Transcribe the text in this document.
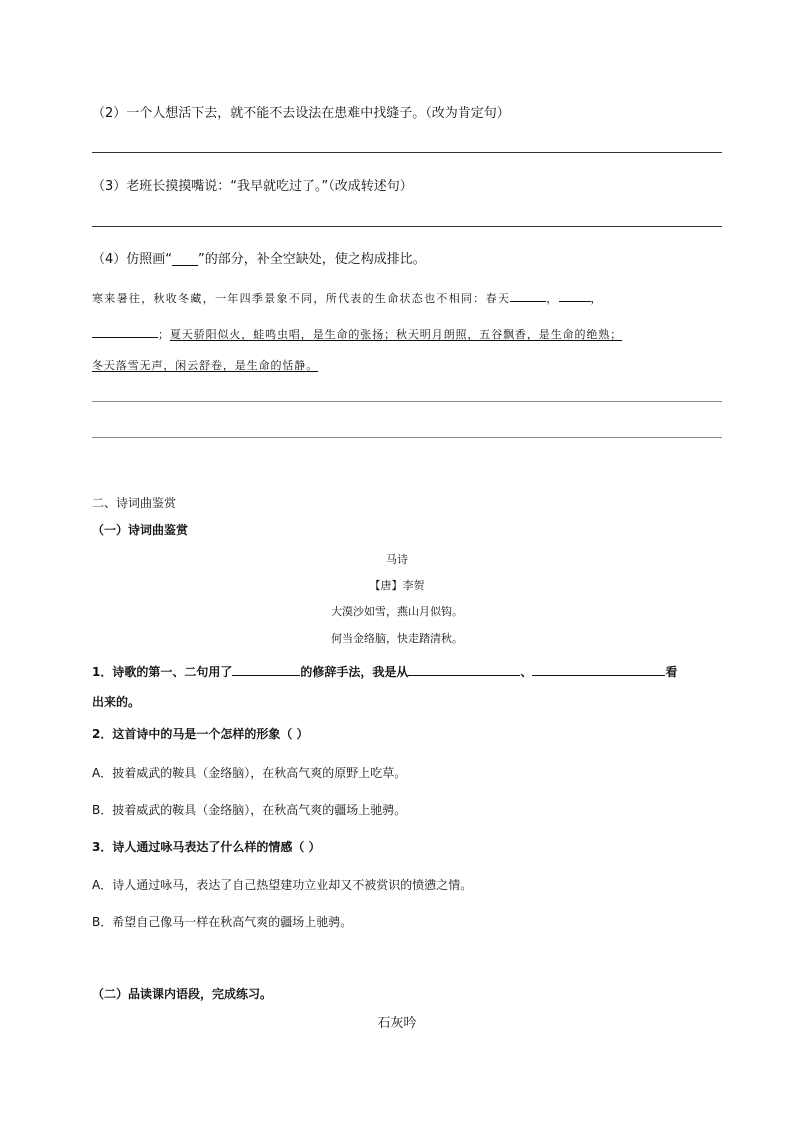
（2）一个人想活下去，就不能不去设法在患难中找缝子。（改为肯定句）
（3）老班长摸摸嘴说：“我早就吃过了。”（改成转述句）
（4）仿照画“____”的部分，补全空缺处，使之构成排比。
寒来暑往，秋收冬藏，一年四季景象不同，所代表的生命状态也不相同：春天	，	，
；夏天骄阳似火，蛙鸣虫唱，是生命的张扬；秋天明月朗照，五谷飘香，是生命的绝熟；
冬天落雪无声，闲云舒卷，是生命的恬静。
二、诗词曲鉴赏
（一）诗词曲鉴赏
马诗
【唐】李贺
大漠沙如雪，燕山月似钩。
何当金络脑，快走踏清秋。
1．诗歌的第一、二句用了	的修辞手法，我是从	、	看
出来的。
2．这首诗中的马是一个怎样的形象（ ）
A．披着威武的鞍具（金络脑），在秋高气爽的原野上吃草。
B．披着威武的鞍具（金络脑），在秋高气爽的疆场上驰骋。
3．诗人通过咏马表达了什么样的情感（ ）
A．诗人通过咏马，表达了自己热望建功立业却又不被赏识的愤懑之情。
B．希望自己像马一样在秋高气爽的疆场上驰骋。
（二）品读课内语段，完成练习。
石灰吟
